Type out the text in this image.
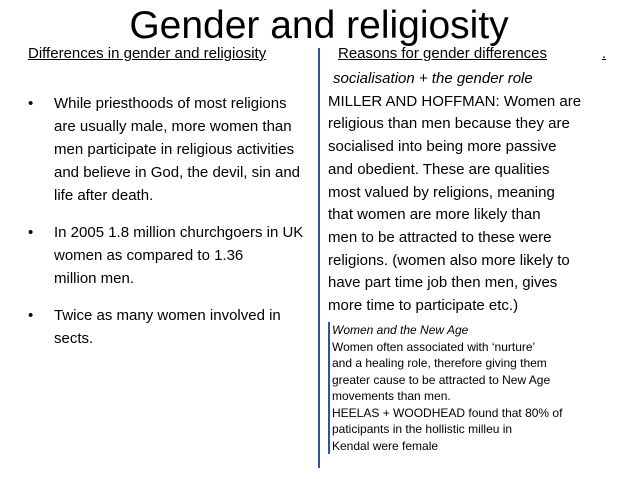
Gender and religiosity
Differences in gender and religiosity	Reasons for gender differences	.
• While priesthoods of most religions
are usually male, more women than
men participate in religious activities
and believe in God, the devil, sin and
life after death.
• In 2005 1.8 million churchgoers in UK
women as compared to 1.36
million men.
• Twice as many women involved in
sects.
socialisation + the gender role
MILLER AND HOFFMAN: Women are
religious than men because they are
socialised into being more passive
and obedient. These are qualities
most valued by religions, meaning
that women are more likely than
men to be attracted to these were
religions. (women also more likely to
have part time job then men, gives
more time to participate etc.)
Women and the New Age
Women often associated with ‘nurture’
and a healing role, therefore giving them
greater cause to be attracted to New Age
movements than men.
HEELAS + WOODHEAD found that 80% of
paticipants in the hollistic milleu in
Kendal were female
